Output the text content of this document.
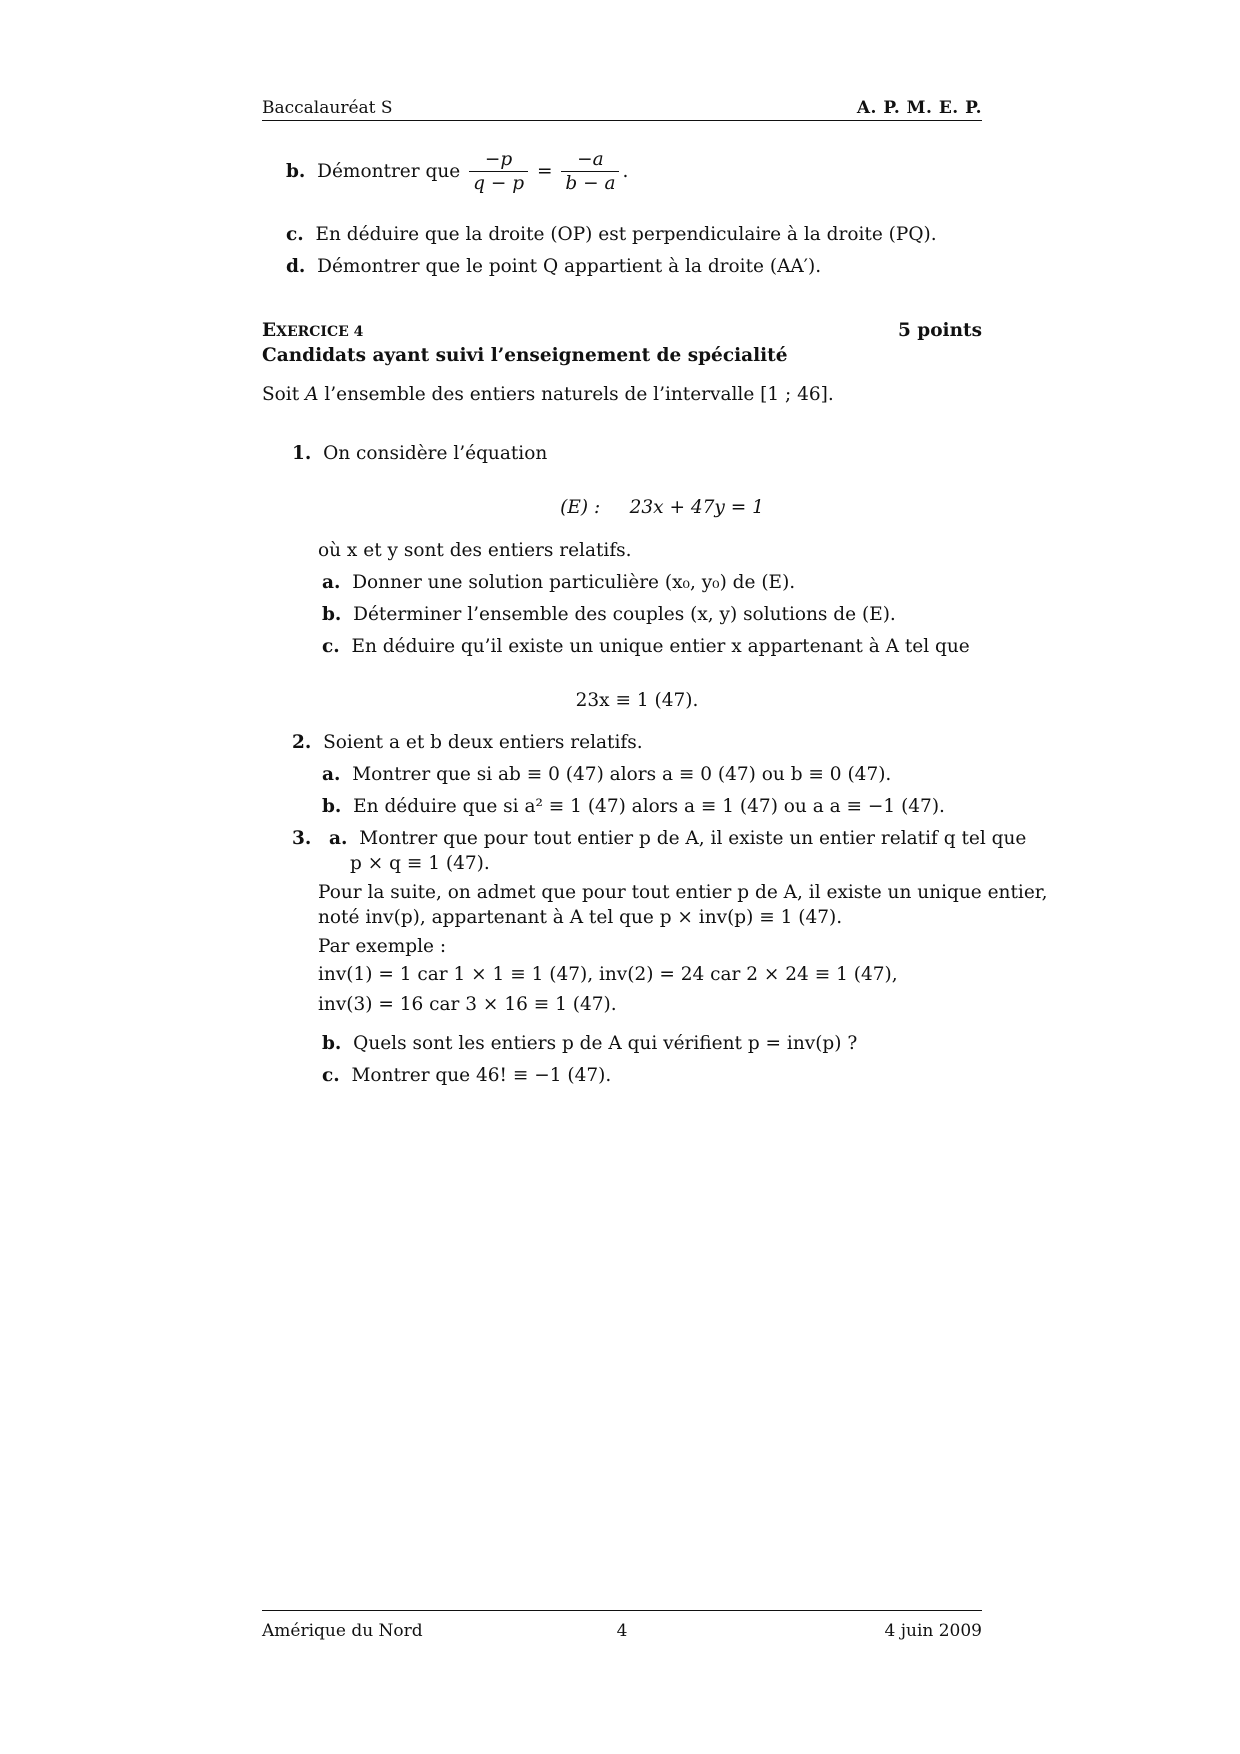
Baccalauréat S	A. P. M. E. P.
b. Démontrer que $\frac{-p}{q - p} = \frac{-a}{b - a}$ .
c. En déduire que la droite (OP) est perpendiculaire à la droite (PQ).
d. Démontrer que le point Q appartient à la droite (AA′).
EXERCICE 4	5 points
Candidats ayant suivi l’enseignement de spécialité
Soit A l’ensemble des entiers naturels de l’intervalle [1 ; 46].
1. On considère l’équation
(E) : 23x + 47y = 1
où x et y sont des entiers relatifs.
a. Donner une solution particulière (x₀, y₀) de (E).
b. Déterminer l’ensemble des couples (x, y) solutions de (E).
c. En déduire qu’il existe un unique entier x appartenant à A tel que
23x ≡ 1 (47).
2. Soient a et b deux entiers relatifs.
a. Montrer que si ab ≡ 0 (47) alors a ≡ 0 (47) ou b ≡ 0 (47).
b. En déduire que si a² ≡ 1 (47) alors a ≡ 1 (47) ou a a ≡ −1 (47).
3. a. Montrer que pour tout entier p de A, il existe un entier relatif q tel que
p × q ≡ 1 (47).
Pour la suite, on admet que pour tout entier p de A, il existe un unique entier,
noté inv(p), appartenant à A tel que p × inv(p) ≡ 1 (47).
Par exemple :
inv(1) = 1 car 1 × 1 ≡ 1 (47), inv(2) = 24 car 2 × 24 ≡ 1 (47),
inv(3) = 16 car 3 × 16 ≡ 1 (47).
b. Quels sont les entiers p de A qui vérifient p = inv(p) ?
c. Montrer que 46! ≡ −1 (47).
Amérique du Nord	4	4 juin 2009
